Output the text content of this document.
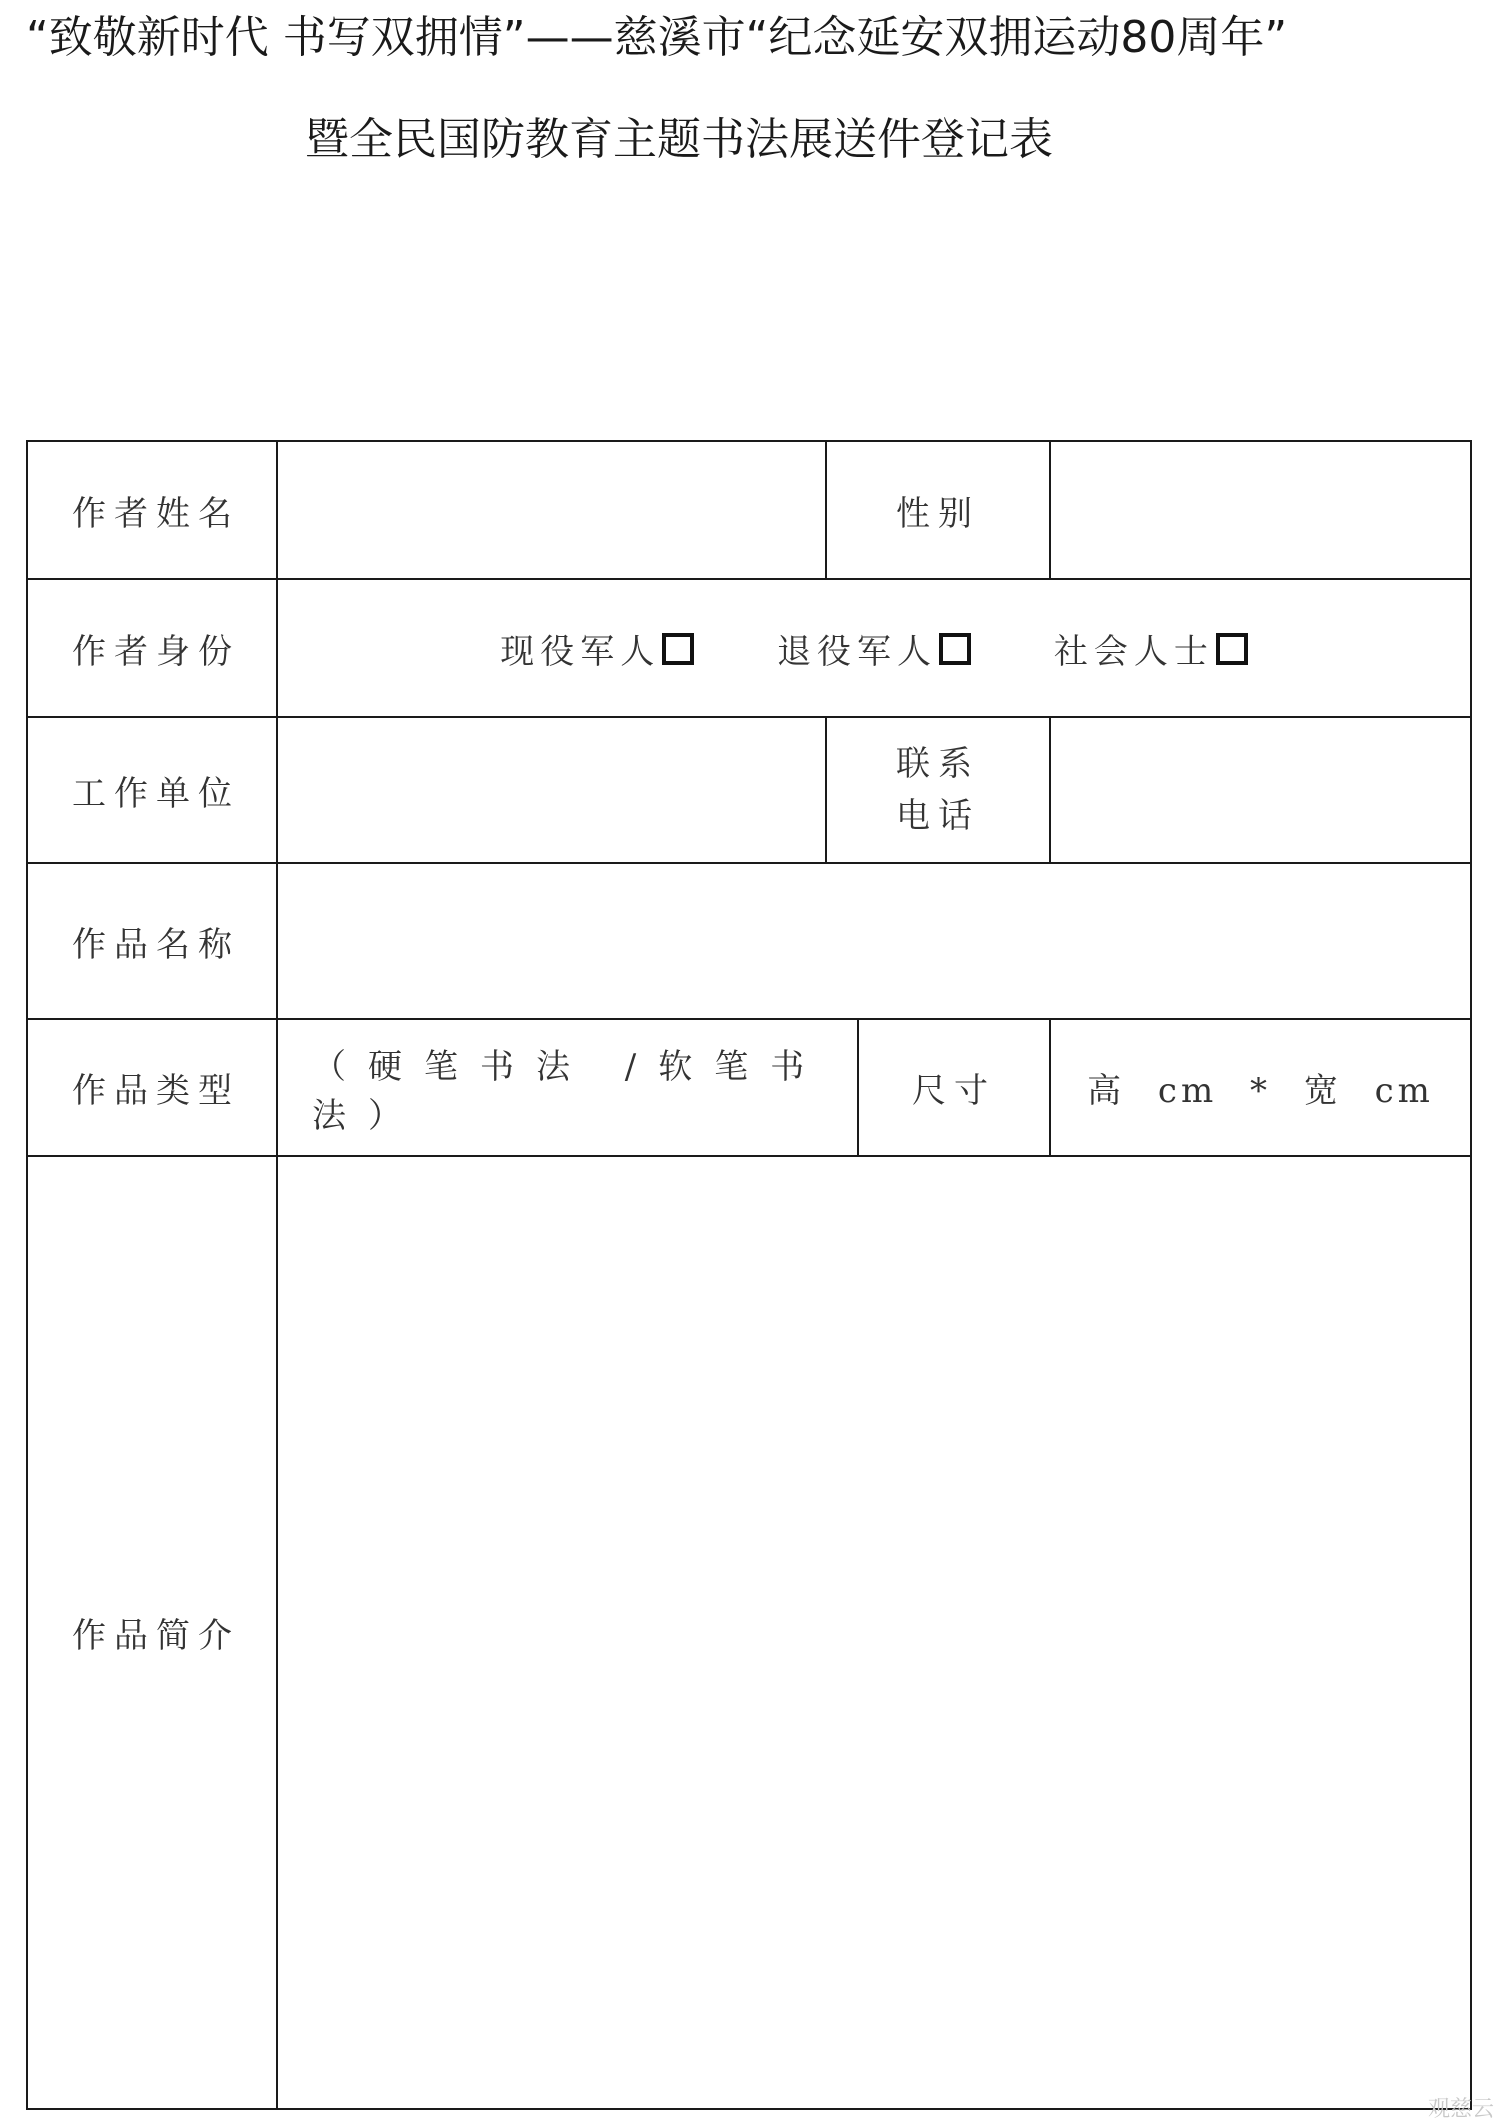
“致敬新时代 书写双拥情”——慈溪市“纪念延安双拥运动80周年”
暨全民国防教育主题书法展送件登记表
作者姓名		性别		
作者身份	现役军人 退役军人 社会人士			
工作单位		联系
电话		

作品名称				
作品类型	（硬笔书法 /软笔书法）		尺寸	高 cm * 宽 cm
作品简介				
观慈云
